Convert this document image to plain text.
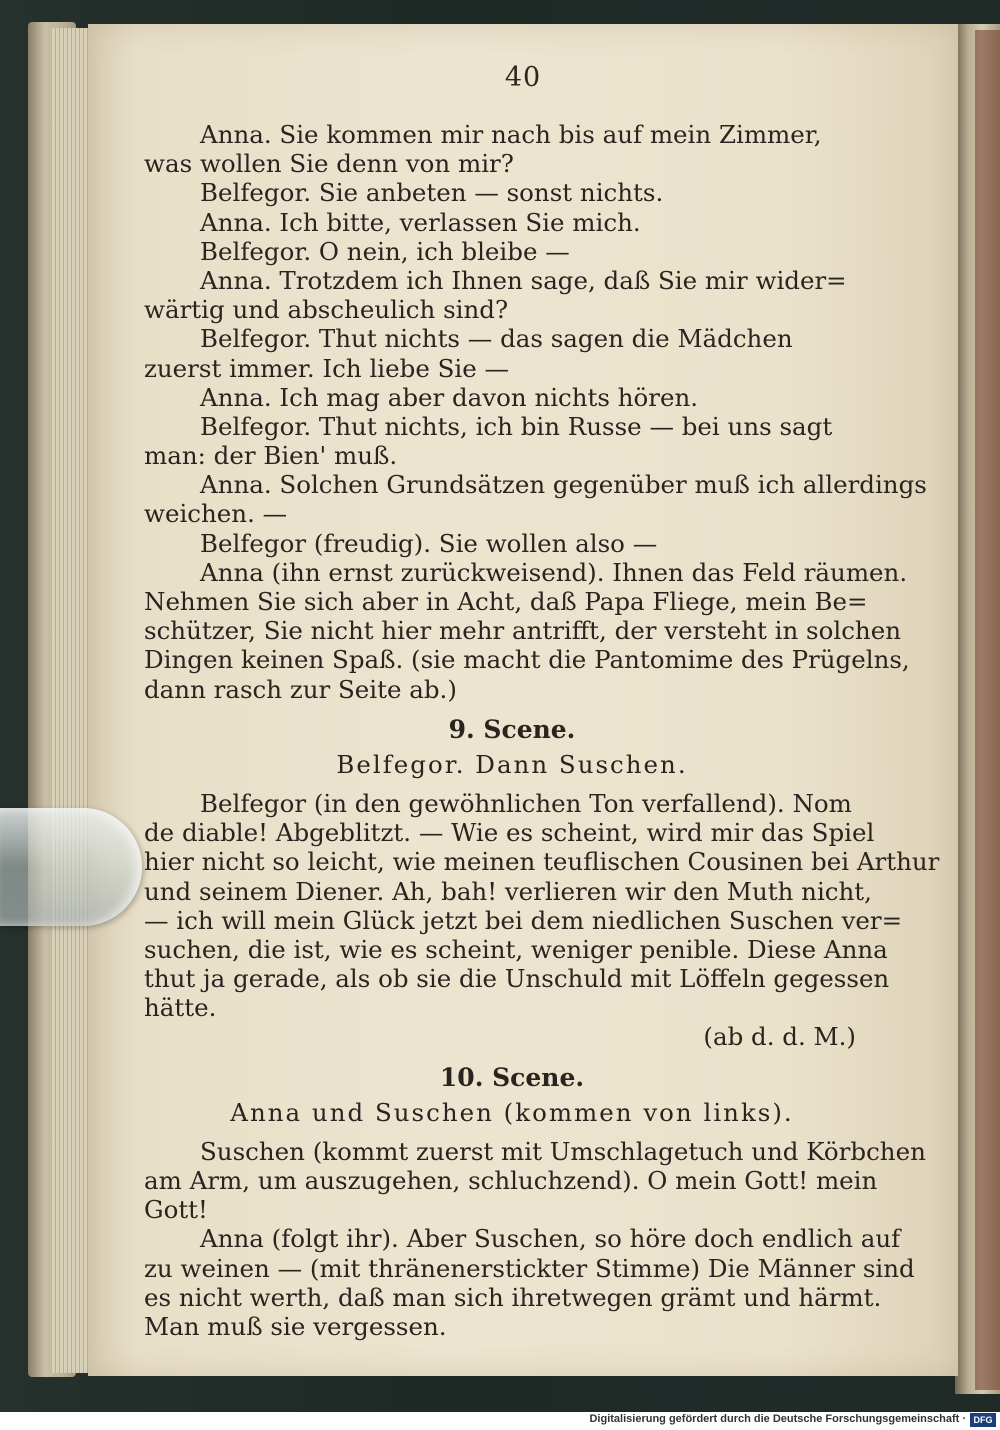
40
Anna. Sie kommen mir nach bis auf mein Zimmer,
was wollen Sie denn von mir?
Belfegor. Sie anbeten — sonst nichts.
Anna. Ich bitte, verlassen Sie mich.
Belfegor. O nein, ich bleibe —
Anna. Trotzdem ich Ihnen sage, daß Sie mir wider=
wärtig und abscheulich sind?
Belfegor. Thut nichts — das sagen die Mädchen
zuerst immer. Ich liebe Sie —
Anna. Ich mag aber davon nichts hören.
Belfegor. Thut nichts, ich bin Russe — bei uns sagt
man: der Bien' muß.
Anna. Solchen Grundsätzen gegenüber muß ich allerdings
weichen. —
Belfegor (freudig). Sie wollen also —
Anna (ihn ernst zurückweisend). Ihnen das Feld räumen.
Nehmen Sie sich aber in Acht, daß Papa Fliege, mein Be=
schützer, Sie nicht hier mehr antrifft, der versteht in solchen
Dingen keinen Spaß. (sie macht die Pantomime des Prügelns,
dann rasch zur Seite ab.)
9. Scene.
Belfegor. Dann Suschen.
Belfegor (in den gewöhnlichen Ton verfallend). Nom
de diable! Abgeblitzt. — Wie es scheint, wird mir das Spiel
hier nicht so leicht, wie meinen teuflischen Cousinen bei Arthur
und seinem Diener. Ah, bah! verlieren wir den Muth nicht,
— ich will mein Glück jetzt bei dem niedlichen Suschen ver=
suchen, die ist, wie es scheint, weniger penible. Diese Anna
thut ja gerade, als ob sie die Unschuld mit Löffeln gegessen
hätte.
(ab d. d. M.)
10. Scene.
Anna und Suschen (kommen von links).
Suschen (kommt zuerst mit Umschlagetuch und Körbchen
am Arm, um auszugehen, schluchzend). O mein Gott! mein
Gott!
Anna (folgt ihr). Aber Suschen, so höre doch endlich auf
zu weinen — (mit thränenerstickter Stimme) Die Männer sind
es nicht werth, daß man sich ihretwegen grämt und härmt.
Man muß sie vergessen.
Digitalisierung gefördert durch die Deutsche Forschungsgemeinschaft · DFG
